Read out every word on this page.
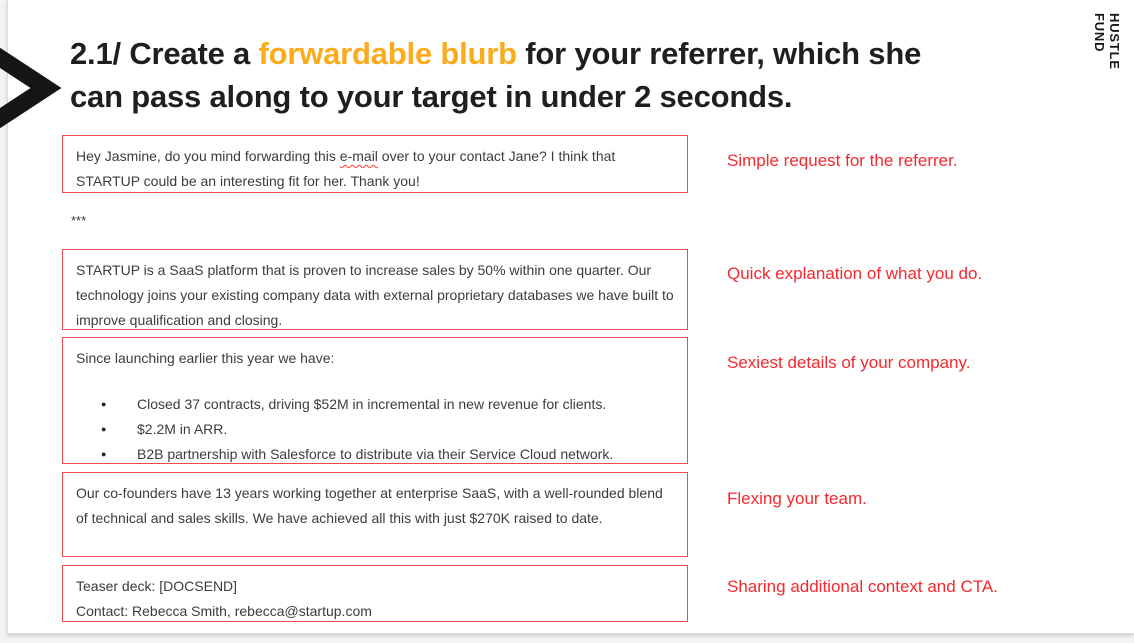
HUSTLE
FUND
2.1/ Create a forwardable blurb for your referrer, which she
can pass along to your target in under 2 seconds.
Hey Jasmine, do you mind forwarding this e-mail over to your contact Jane? I think that STARTUP could be an interesting fit for her. Thank you!
***
STARTUP is a SaaS platform that is proven to increase sales by 50% within one quarter. Our technology joins your existing company data with external proprietary databases we have built to improve qualification and closing.
Since launching earlier this year we have:
●	Closed 37 contracts, driving $52M in incremental in new revenue for clients.
●	$2.2M in ARR.
●	B2B partnership with Salesforce to distribute via their Service Cloud network.
Our co-founders have 13 years working together at enterprise SaaS, with a well-rounded blend of technical and sales skills. We have achieved all this with just $270K raised to date.
Teaser deck: [DOCSEND]
Contact: Rebecca Smith, rebecca@startup.com
Simple request for the referrer.
Quick explanation of what you do.
Sexiest details of your company.
Flexing your team.
Sharing additional context and CTA.
